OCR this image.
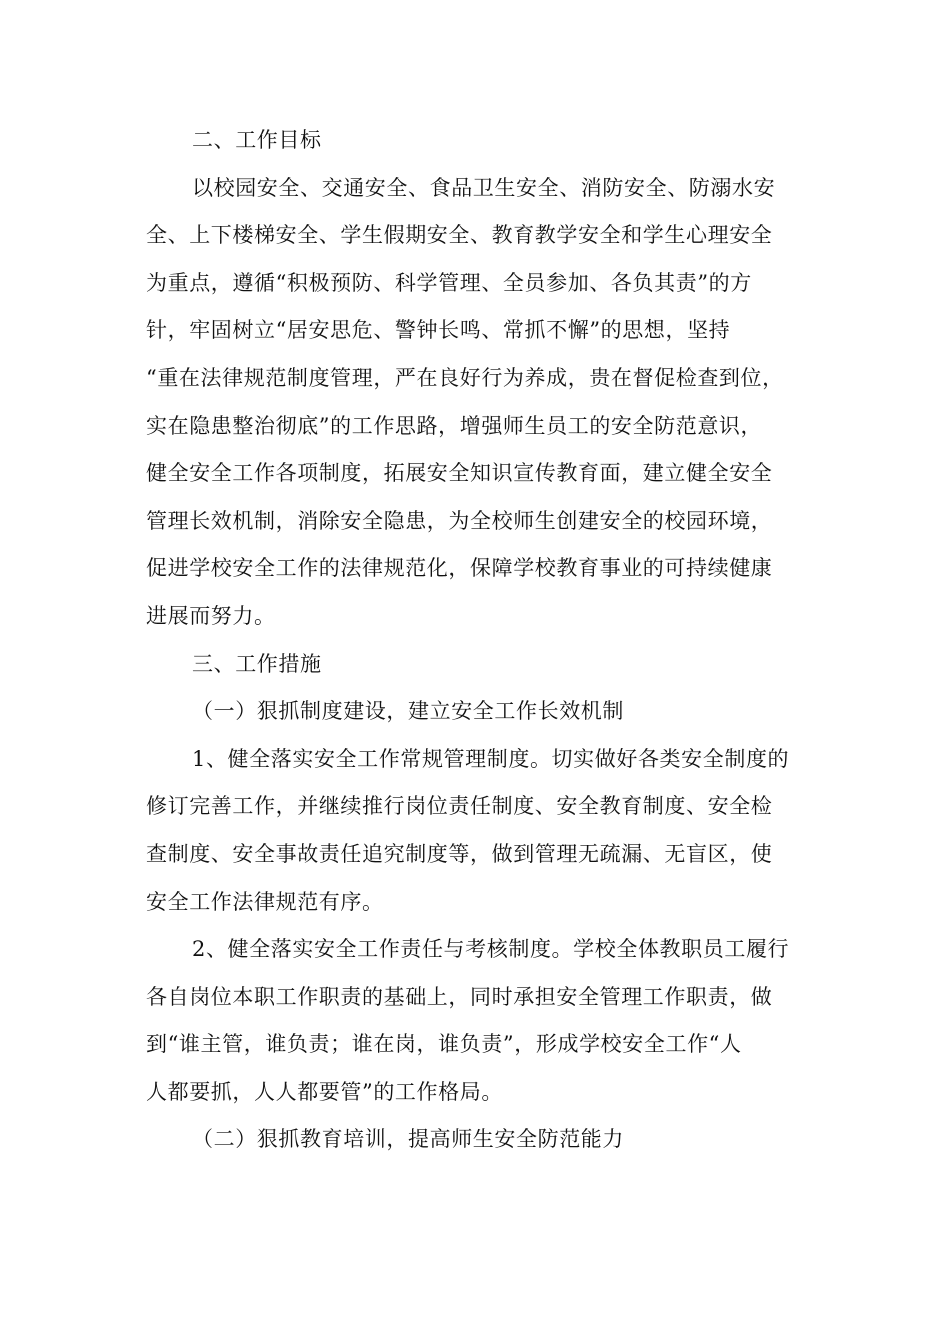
二、工作目标
以校园安全、交通安全、食品卫生安全、消防安全、防溺水安
全、上下楼梯安全、学生假期安全、教育教学安全和学生心理安全
为重点，遵循“积极预防、科学管理、全员参加、各负其责”的方
针，牢固树立“居安思危、警钟长鸣、常抓不懈”的思想，坚持
“重在法律规范制度管理，严在良好行为养成，贵在督促检查到位，
实在隐患整治彻底”的工作思路，增强师生员工的安全防范意识，
健全安全工作各项制度，拓展安全知识宣传教育面，建立健全安全
管理长效机制，消除安全隐患，为全校师生创建安全的校园环境，
促进学校安全工作的法律规范化，保障学校教育事业的可持续健康
进展而努力。
三、工作措施
（一）狠抓制度建设，建立安全工作长效机制
1、健全落实安全工作常规管理制度。切实做好各类安全制度的
修订完善工作，并继续推行岗位责任制度、安全教育制度、安全检
查制度、安全事故责任追究制度等，做到管理无疏漏、无盲区，使
安全工作法律规范有序。
2、健全落实安全工作责任与考核制度。学校全体教职员工履行
各自岗位本职工作职责的基础上，同时承担安全管理工作职责，做
到“谁主管，谁负责；谁在岗，谁负责”，形成学校安全工作“人
人都要抓，人人都要管”的工作格局。
（二）狠抓教育培训，提高师生安全防范能力
